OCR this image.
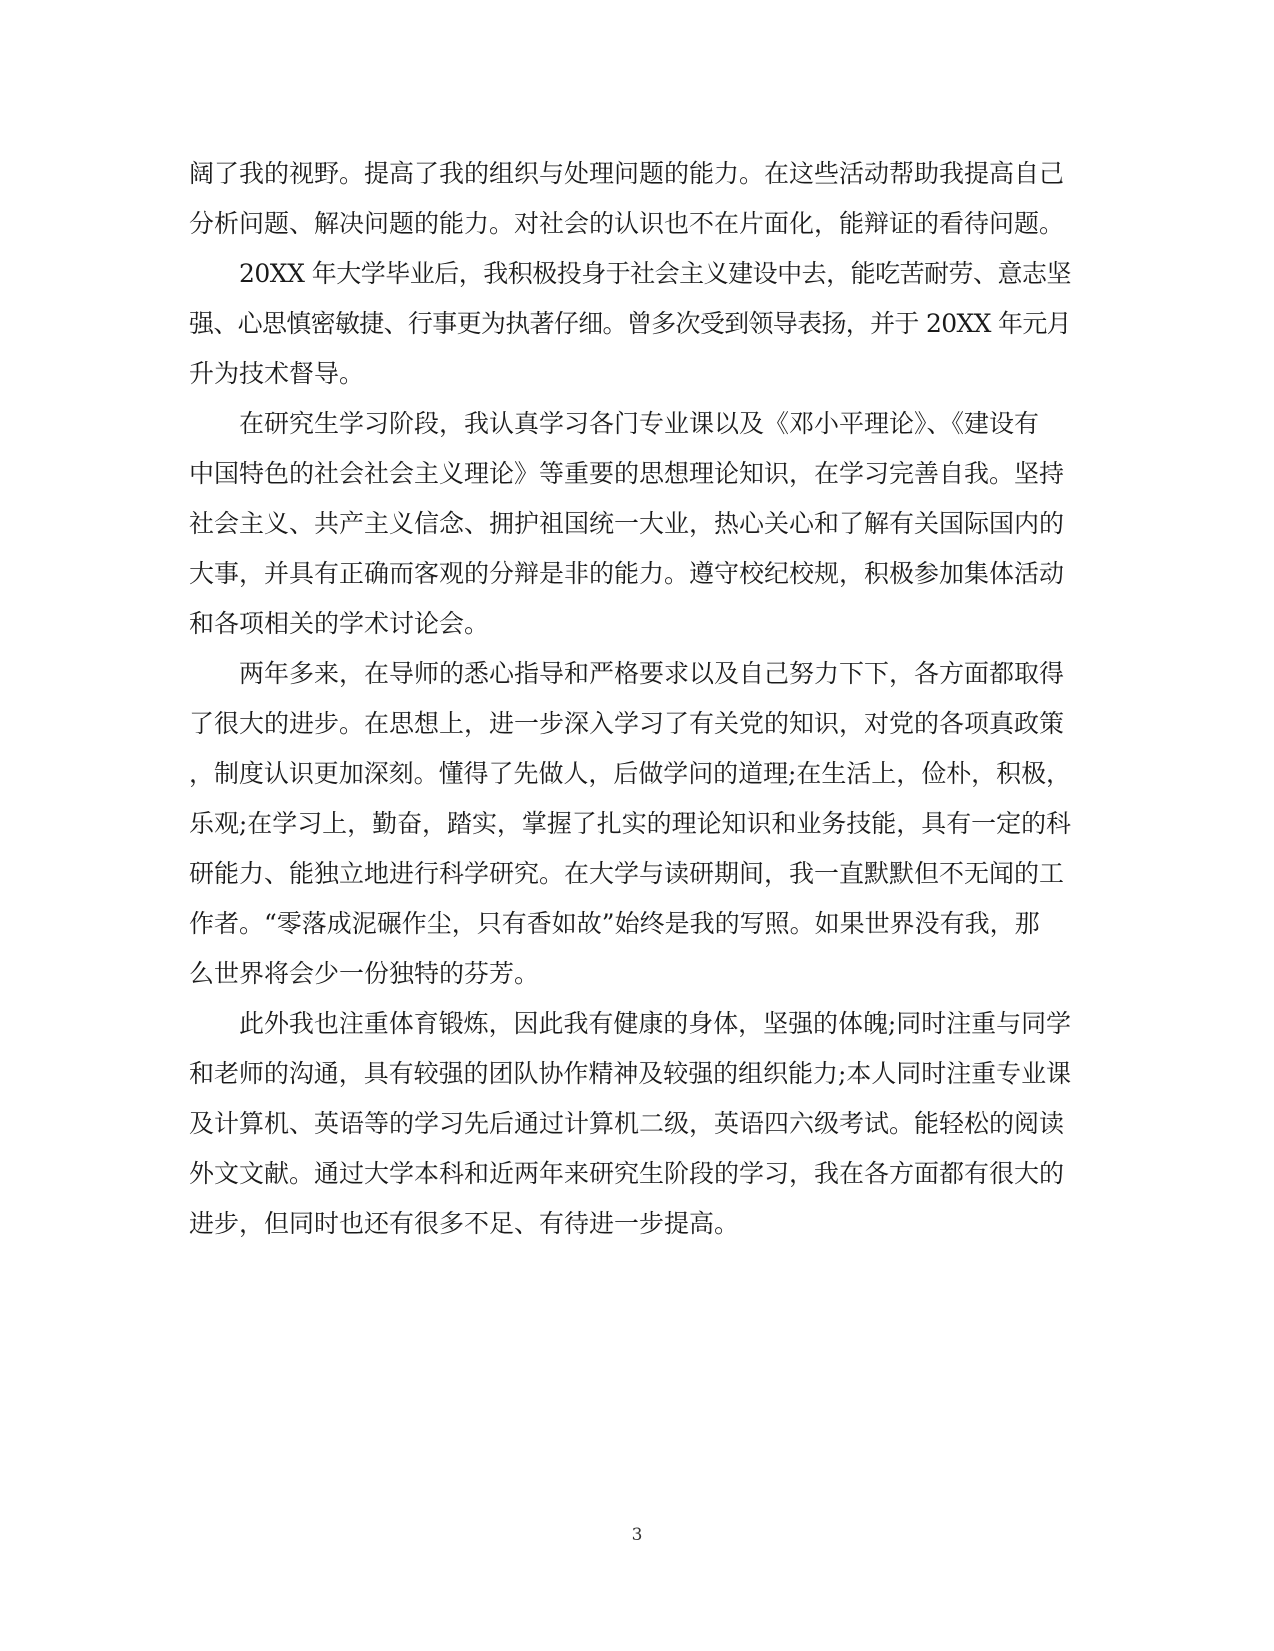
阔了我的视野。提高了我的组织与处理问题的能力。在这些活动帮助我提高自己
分析问题、解决问题的能力。对社会的认识也不在片面化，能辩证的看待问题。
20XX 年大学毕业后，我积极投身于社会主义建设中去，能吃苦耐劳、意志坚
强、心思慎密敏捷、行事更为执著仔细。曾多次受到领导表扬，并于 20XX 年元月
升为技术督导。
在研究生学习阶段，我认真学习各门专业课以及《邓小平理论》、《建设有
中国特色的社会社会主义理论》等重要的思想理论知识，在学习完善自我。坚持
社会主义、共产主义信念、拥护祖国统一大业，热心关心和了解有关国际国内的
大事，并具有正确而客观的分辩是非的能力。遵守校纪校规，积极参加集体活动
和各项相关的学术讨论会。
两年多来，在导师的悉心指导和严格要求以及自己努力下下，各方面都取得
了很大的进步。在思想上，进一步深入学习了有关党的知识，对党的各项真政策
，制度认识更加深刻。懂得了先做人，后做学问的道理;在生活上，俭朴，积极，
乐观;在学习上，勤奋，踏实，掌握了扎实的理论知识和业务技能，具有一定的科
研能力、能独立地进行科学研究。在大学与读研期间，我一直默默但不无闻的工
作者。“零落成泥碾作尘，只有香如故”始终是我的写照。如果世界没有我，那
么世界将会少一份独特的芬芳。
此外我也注重体育锻炼，因此我有健康的身体，坚强的体魄;同时注重与同学
和老师的沟通，具有较强的团队协作精神及较强的组织能力;本人同时注重专业课
及计算机、英语等的学习先后通过计算机二级，英语四六级考试。能轻松的阅读
外文文献。通过大学本科和近两年来研究生阶段的学习，我在各方面都有很大的
进步，但同时也还有很多不足、有待进一步提高。
3
